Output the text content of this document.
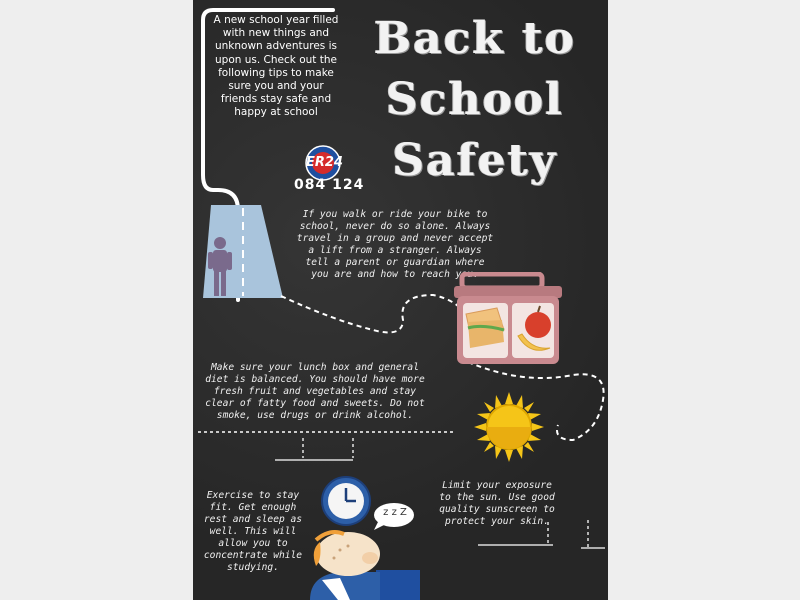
A new school year filled with new things and unknown adventures is upon us. Check out the following tips to make sure you and your friends stay safe and happy at school
Back to
School
Safety
ER24
084 124
If you walk or ride your bike to school, never do so alone. Always travel in a group and never accept a lift from a stranger. Always tell a parent or guardian where you are and how to reach you.
Make sure your lunch box and general diet is balanced. You should have more fresh fruit and vegetables and stay clear of fatty food and sweets. Do not smoke, use drugs or drink alcohol.
Exercise to stay fit. Get enough rest and sleep as well. This will allow you to concentrate while studying.
Limit your exposure to the sun. Use good quality sunscreen to protect your skin.
z z Z
